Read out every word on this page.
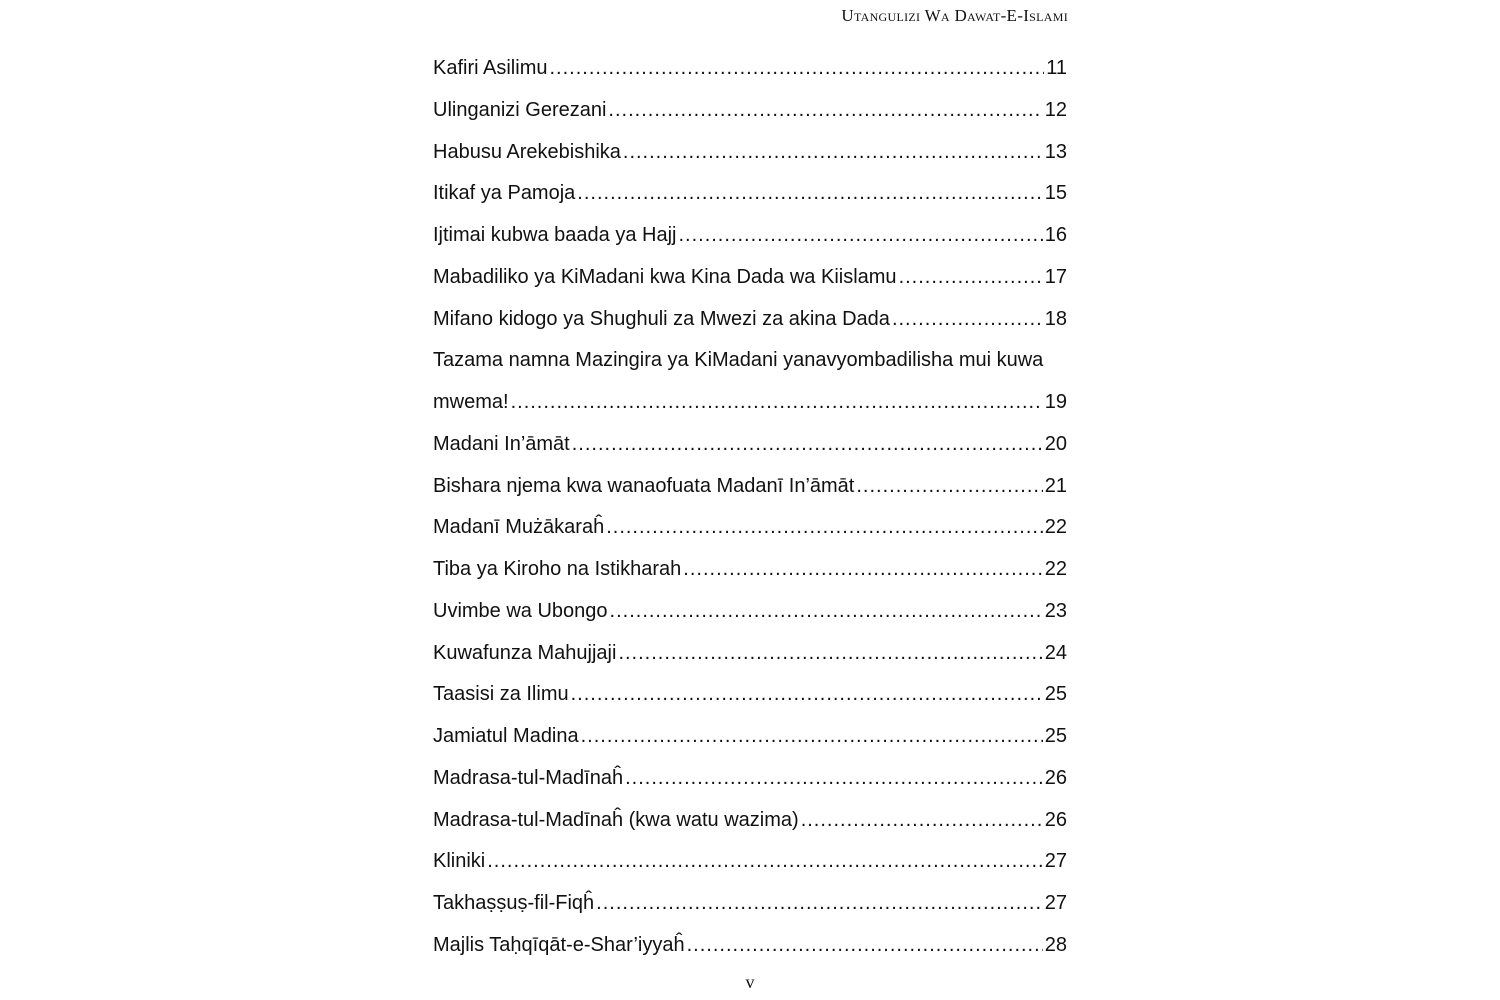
Utangulizi Wa Dawat-E-Islami
Kafiri Asilimu .....	11
Ulinganizi Gerezani .....	12
Habusu Arekebishika .....	13
Itikaf ya Pamoja .....	15
Ijtimai kubwa baada ya Hajj .....	16
Mabadiliko ya KiMadani kwa Kina Dada wa Kiislamu .....	17
Mifano kidogo ya Shughuli za Mwezi za akina Dada .....	18
Tazama namna Mazingira ya KiMadani yanavyombadilisha mui kuwa
mwema! .....	19
Madani In’āmāt .....	20
Bishara njema kwa wanaofuata Madanī In’āmāt .....	21
Madanī Mużākaraĥ .....	22
Tiba ya Kiroho na Istikharah .....	22
Uvimbe wa Ubongo .....	23
Kuwafunza Mahujjaji .....	24
Taasisi za Ilimu .....	25
Jamiatul Madina .....	25
Madrasa-tul-Madīnaĥ .....	26
Madrasa-tul-Madīnaĥ (kwa watu wazima) .....	26
Kliniki .....	27
Takhaṣṣuṣ-fil-Fiqĥ .....	27
Majlis Taḥqīqāt-e-Shar’iyyaĥ .....	28
v
